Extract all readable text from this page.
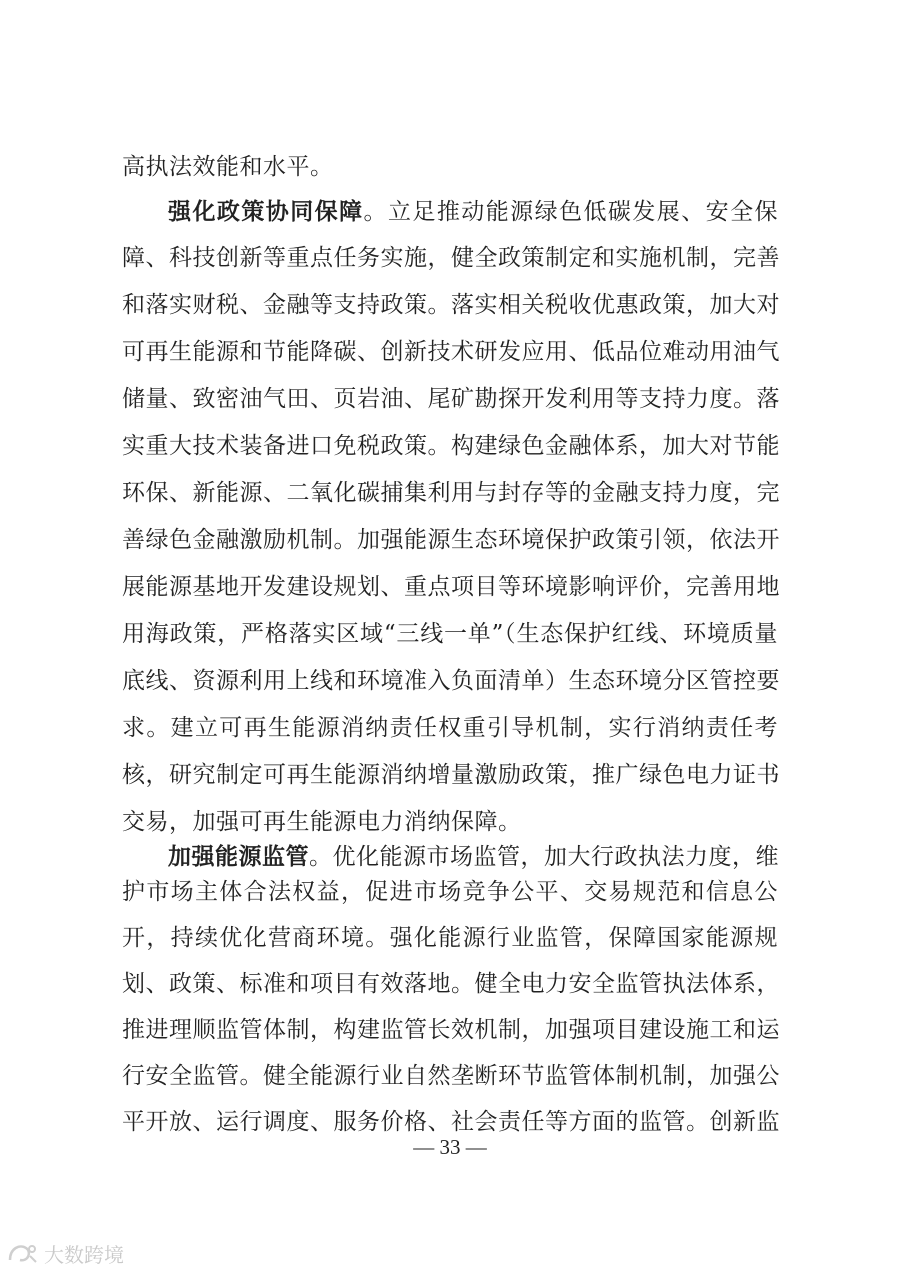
高执法效能和水平。
强化政策协同保障。立足推动能源绿色低碳发展、安全保
障、科技创新等重点任务实施，健全政策制定和实施机制，完善
和落实财税、金融等支持政策。落实相关税收优惠政策，加大对
可再生能源和节能降碳、创新技术研发应用、低品位难动用油气
储量、致密油气田、页岩油、尾矿勘探开发利用等支持力度。落
实重大技术装备进口免税政策。构建绿色金融体系，加大对节能
环保、新能源、二氧化碳捕集利用与封存等的金融支持力度，完
善绿色金融激励机制。加强能源生态环境保护政策引领，依法开
展能源基地开发建设规划、重点项目等环境影响评价，完善用地
用海政策，严格落实区域“三线一单”（生态保护红线、环境质量
底线、资源利用上线和环境准入负面清单）生态环境分区管控要
求。建立可再生能源消纳责任权重引导机制，实行消纳责任考
核，研究制定可再生能源消纳增量激励政策，推广绿色电力证书
交易，加强可再生能源电力消纳保障。
加强能源监管。优化能源市场监管，加大行政执法力度，维
护市场主体合法权益，促进市场竞争公平、交易规范和信息公
开，持续优化营商环境。强化能源行业监管，保障国家能源规
划、政策、标准和项目有效落地。健全电力安全监管执法体系，
推进理顺监管体制，构建监管长效机制，加强项目建设施工和运
行安全监管。健全能源行业自然垄断环节监管体制机制，加强公
平开放、运行调度、服务价格、社会责任等方面的监管。创新监
— 33 —
大数跨境
